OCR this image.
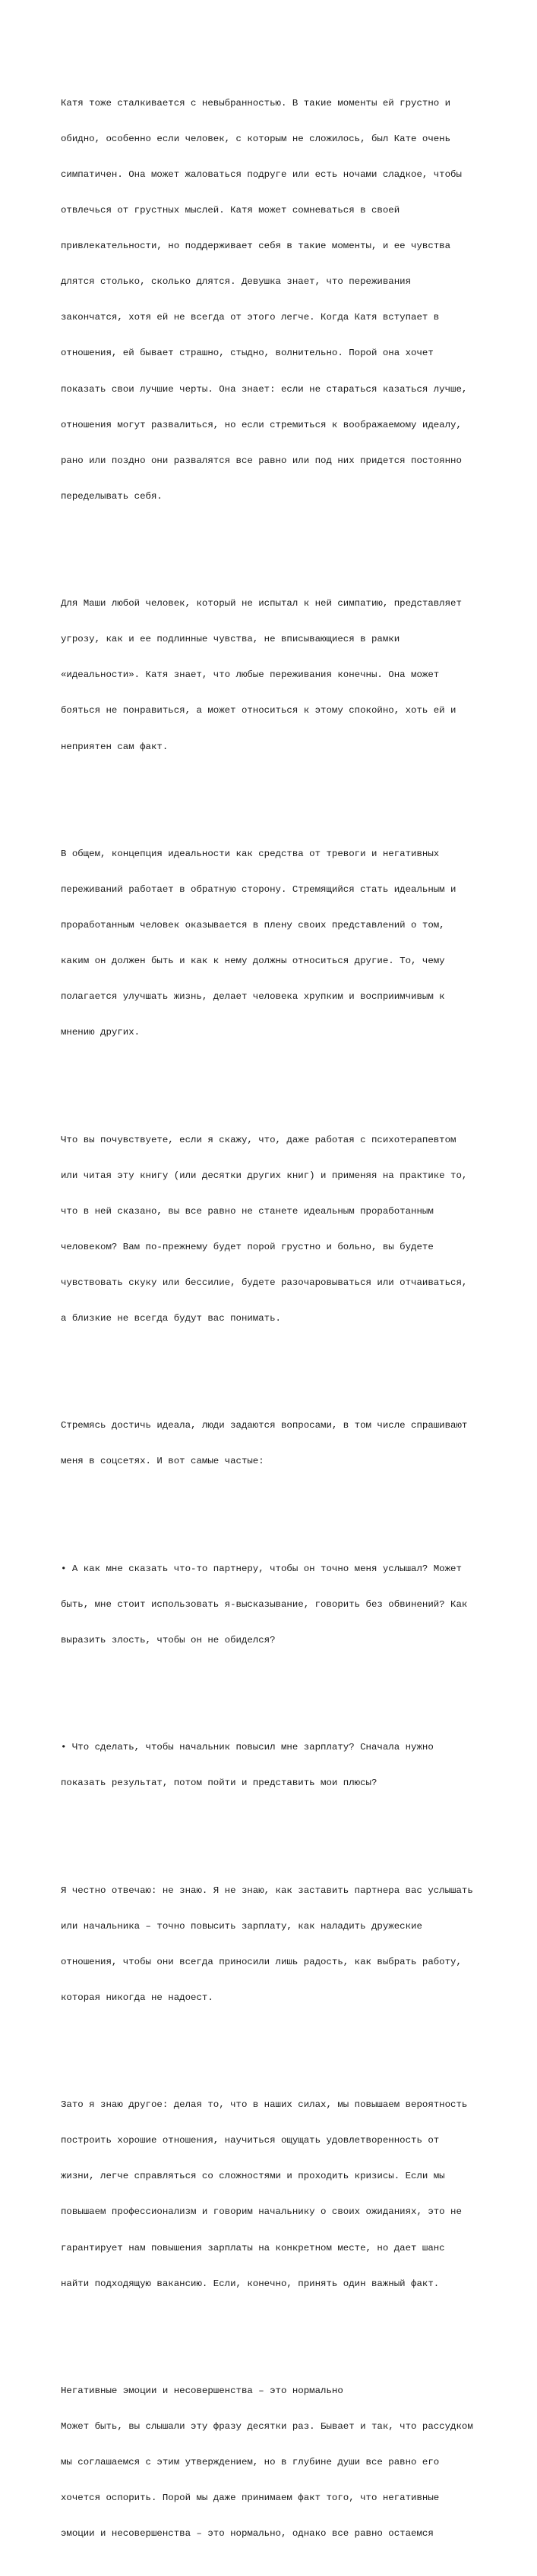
Катя тоже сталкивается с невыбранностью. В такие моменты ей грустно и

обидно, особенно если человек, с которым не сложилось, был Кате очень

симпатичен. Она может жаловаться подруге или есть ночами сладкое, чтобы

отвлечься от грустных мыслей. Катя может сомневаться в своей

привлекательности, но поддерживает себя в такие моменты, и ее чувства

длятся столько, сколько длятся. Девушка знает, что переживания

закончатся, хотя ей не всегда от этого легче. Когда Катя вступает в

отношения, ей бывает страшно, стыдно, волнительно. Порой она хочет

показать свои лучшие черты. Она знает: если не стараться казаться лучше,

отношения могут развалиться, но если стремиться к воображаемому идеалу,

рано или поздно они развалятся все равно или под них придется постоянно

переделывать себя.

Для Маши любой человек, который не испытал к ней симпатию, представляет

угрозу, как и ее подлинные чувства, не вписывающиеся в рамки

«идеальности». Катя знает, что любые переживания конечны. Она может

бояться не понравиться, а может относиться к этому спокойно, хоть ей и

неприятен сам факт.

В общем, концепция идеальности как средства от тревоги и негативных

переживаний работает в обратную сторону. Стремящийся стать идеальным и

проработанным человек оказывается в плену своих представлений о том,

каким он должен быть и как к нему должны относиться другие. То, чему

полагается улучшать жизнь, делает человека хрупким и восприимчивым к

мнению других.

Что вы почувствуете, если я скажу, что, даже работая с психотерапевтом

или читая эту книгу (или десятки других книг) и применяя на практике то,

что в ней сказано, вы все равно не станете идеальным проработанным

человеком? Вам по-прежнему будет порой грустно и больно, вы будете

чувствовать скуку или бессилие, будете разочаровываться или отчаиваться,

а близкие не всегда будут вас понимать.

Стремясь достичь идеала, люди задаются вопросами, в том числе спрашивают

меня в соцсетях. И вот самые частые:

• А как мне сказать что-то партнеру, чтобы он точно меня услышал? Может

быть, мне стоит использовать я-высказывание, говорить без обвинений? Как

выразить злость, чтобы он не обиделся?

• Что сделать, чтобы начальник повысил мне зарплату? Сначала нужно

показать результат, потом пойти и представить мои плюсы?

Я честно отвечаю: не знаю. Я не знаю, как заставить партнера вас услышать

или начальника – точно повысить зарплату, как наладить дружеские

отношения, чтобы они всегда приносили лишь радость, как выбрать работу,

которая никогда не надоест.

Зато я знаю другое: делая то, что в наших силах, мы повышаем вероятность

построить хорошие отношения, научиться ощущать удовлетворенность от

жизни, легче справляться со сложностями и проходить кризисы. Если мы

повышаем профессионализм и говорим начальнику о своих ожиданиях, это не

гарантирует нам повышения зарплаты на конкретном месте, но дает шанс

найти подходящую вакансию. Если, конечно, принять один важный факт.

Негативные эмоции и несовершенства – это нормально

Может быть, вы слышали эту фразу десятки раз. Бывает и так, что рассудком

мы соглашаемся с этим утверждением, но в глубине души все равно его

хочется оспорить. Порой мы даже принимаем факт того, что негативные

эмоции и несовершенства – это нормально, однако все равно остаемся
